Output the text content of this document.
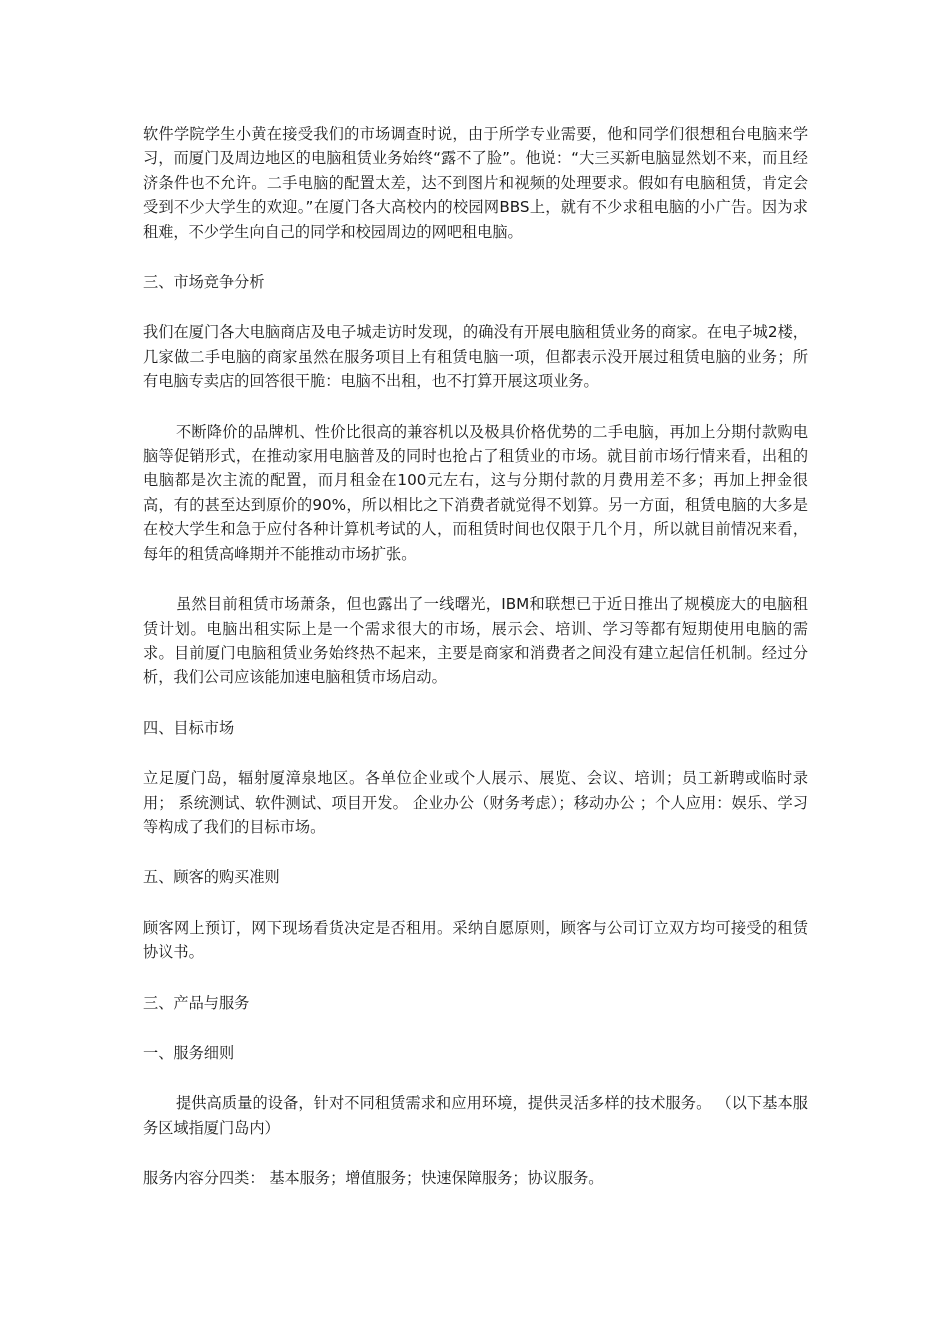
软件学院学生小黄在接受我们的市场调查时说，由于所学专业需要，他和同学们很想租台电脑来学习，而厦门及周边地区的电脑租赁业务始终“露不了脸”。他说：“大三买新电脑显然划不来，而且经济条件也不允许。二手电脑的配置太差，达不到图片和视频的处理要求。假如有电脑租赁，肯定会受到不少大学生的欢迎。”在厦门各大高校内的校园网BBS上，就有不少求租电脑的小广告。因为求租难，不少学生向自己的同学和校园周边的网吧租电脑。

三、市场竞争分析

我们在厦门各大电脑商店及电子城走访时发现，的确没有开展电脑租赁业务的商家。在电子城2楼，几家做二手电脑的商家虽然在服务项目上有租赁电脑一项，但都表示没开展过租赁电脑的业务；所有电脑专卖店的回答很干脆：电脑不出租，也不打算开展这项业务。

不断降价的品牌机、性价比很高的兼容机以及极具价格优势的二手电脑，再加上分期付款购电脑等促销形式，在推动家用电脑普及的同时也抢占了租赁业的市场。就目前市场行情来看，出租的电脑都是次主流的配置，而月租金在100元左右，这与分期付款的月费用差不多；再加上押金很高，有的甚至达到原价的90%，所以相比之下消费者就觉得不划算。另一方面，租赁电脑的大多是在校大学生和急于应付各种计算机考试的人，而租赁时间也仅限于几个月，所以就目前情况来看，每年的租赁高峰期并不能推动市场扩张。

虽然目前租赁市场萧条，但也露出了一线曙光，IBM和联想已于近日推出了规模庞大的电脑租赁计划。电脑出租实际上是一个需求很大的市场，展示会、培训、学习等都有短期使用电脑的需求。目前厦门电脑租赁业务始终热不起来，主要是商家和消费者之间没有建立起信任机制。经过分析，我们公司应该能加速电脑租赁市场启动。

四、目标市场

立足厦门岛，辐射厦漳泉地区。各单位企业或个人展示、展览、会议、培训；员工新聘或临时录用； 系统测试、软件测试、项目开发。 企业办公（财务考虑）；移动办公 ；个人应用：娱乐、学习等构成了我们的目标市场。

五、顾客的购买准则

顾客网上预订，网下现场看货决定是否租用。采纳自愿原则，顾客与公司订立双方均可接受的租赁协议书。

三、产品与服务

一、服务细则

提供高质量的设备，针对不同租赁需求和应用环境，提供灵活多样的技术服务。 （以下基本服务区域指厦门岛内）

服务内容分四类： 基本服务；增值服务；快速保障服务；协议服务。
